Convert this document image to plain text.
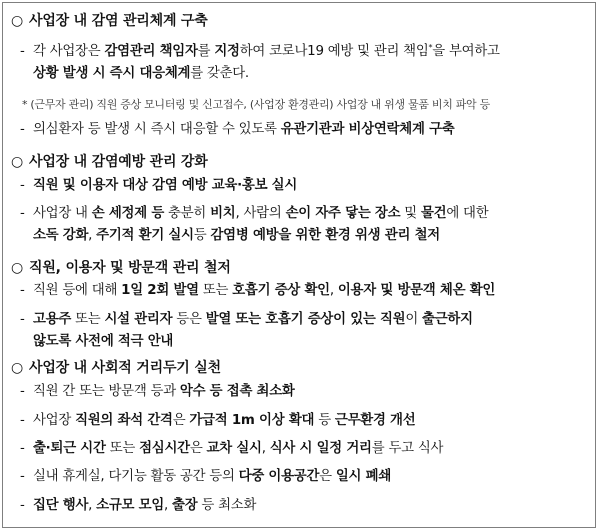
○ 사업장 내 감염 관리체계 구축
- 각 사업장은 감염관리 책임자를 지정하여 코로나19 예방 및 관리 책임*을 부여하고

상황 발생 시 즉시 대응체계를 갖춘다.
* (근무자 관리) 직원 증상 모니터링 및 신고접수, (사업장 환경관리) 사업장 내 위생 물품 비치 파악 등
- 의심환자 등 발생 시 즉시 대응할 수 있도록 유관기관과 비상연락체계 구축
○ 사업장 내 감염예방 관리 강화
- 직원 및 이용자 대상 감염 예방 교육·홍보 실시
- 사업장 내 손 세정제 등 충분히 비치, 사람의 손이 자주 닿는 장소 및 물건에 대한

소독 강화, 주기적 환기 실시등 감염병 예방을 위한 환경 위생 관리 철저
○ 직원, 이용자 및 방문객 관리 철저
- 직원 등에 대해 1일 2회 발열 또는 호흡기 증상 확인, 이용자 및 방문객 체온 확인
- 고용주 또는 시설 관리자 등은 발열 또는 호흡기 증상이 있는 직원이 출근하지

않도록 사전에 적극 안내
○ 사업장 내 사회적 거리두기 실천
- 직원 간 또는 방문객 등과 악수 등 접촉 최소화
- 사업장 직원의 좌석 간격은 가급적 1m 이상 확대 등 근무환경 개선
- 출·퇴근 시간 또는 점심시간은 교차 실시, 식사 시 일정 거리를 두고 식사
- 실내 휴게실, 다기능 활동 공간 등의 다중 이용공간은 일시 폐쇄
- 집단 행사, 소규모 모임, 출장 등 최소화
